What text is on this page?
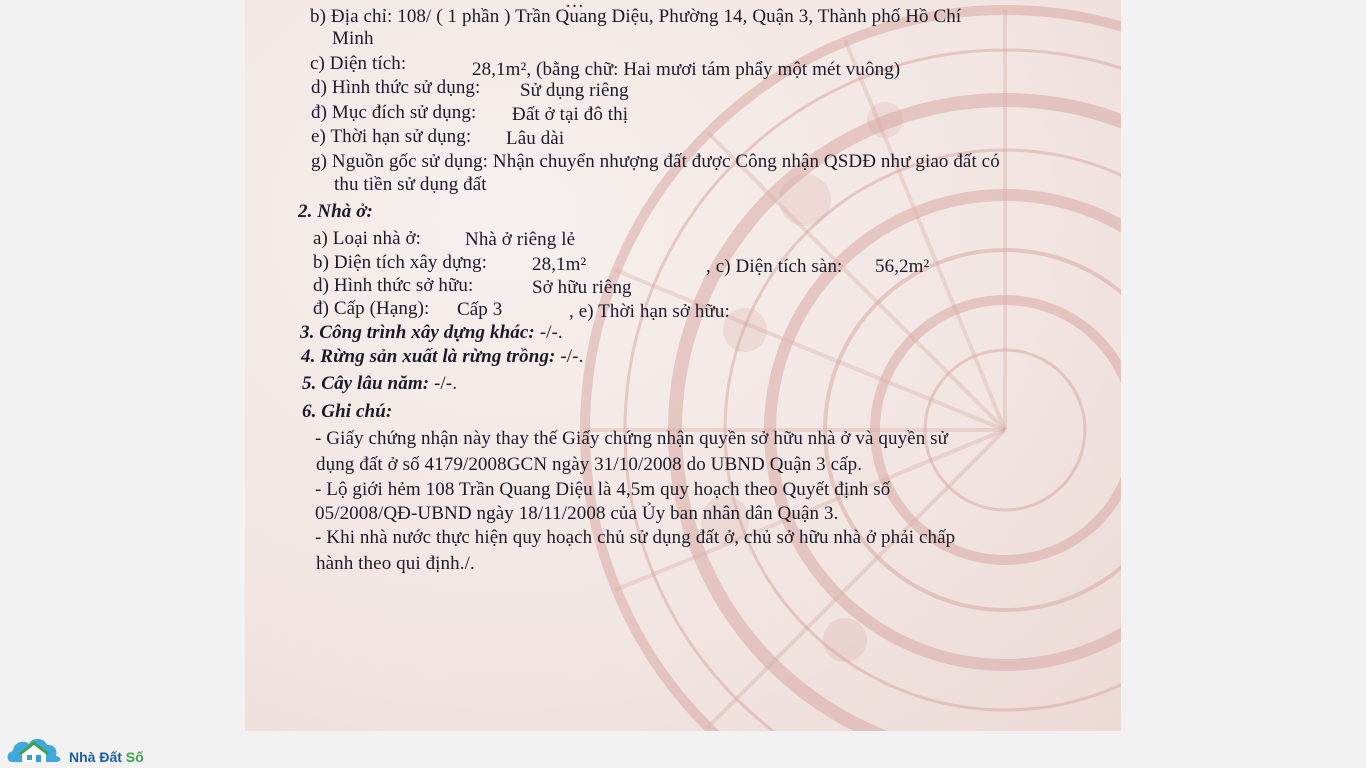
…
b) Địa chỉ: 108/ ( 1 phần ) Trần Quang Diệu, Phường 14, Quận 3, Thành phố Hồ Chí
Minh
c) Diện tích:	28,1m², (bằng chữ: Hai mươi tám phẩy một mét vuông)
d) Hình thức sử dụng: Sử dụng riêng
đ) Mục đích sử dụng: Đất ở tại đô thị
e) Thời hạn sử dụng: Lâu dài
g) Nguồn gốc sử dụng: Nhận chuyển nhượng đất được Công nhận QSDĐ như giao đất có
thu tiền sử dụng đất
2. Nhà ở:
a) Loại nhà ở: Nhà ở riêng lẻ
b) Diện tích xây dựng: 28,1m²	, c) Diện tích sàn: 56,2m²
d) Hình thức sở hữu:	Sở hữu riêng
đ) Cấp (Hạng): Cấp 3	, e) Thời hạn sở hữu:
3. Công trình xây dựng khác: -/-.
4. Rừng sản xuất là rừng trồng: -/-.
5. Cây lâu năm: -/-.
6. Ghi chú:
- Giấy chứng nhận này thay thế Giấy chứng nhận quyền sở hữu nhà ở và quyền sử
dụng đất ở số 4179/2008GCN ngày 31/10/2008 do UBND Quận 3 cấp.
- Lộ giới hẻm 108 Trần Quang Diệu là 4,5m quy hoạch theo Quyết định số
05/2008/QĐ-UBND ngày 18/11/2008 của Ủy ban nhân dân Quận 3.
- Khi nhà nước thực hiện quy hoạch chủ sử dụng đất ở, chủ sở hữu nhà ở phải chấp
hành theo qui định./.
Nhà Đất Số
